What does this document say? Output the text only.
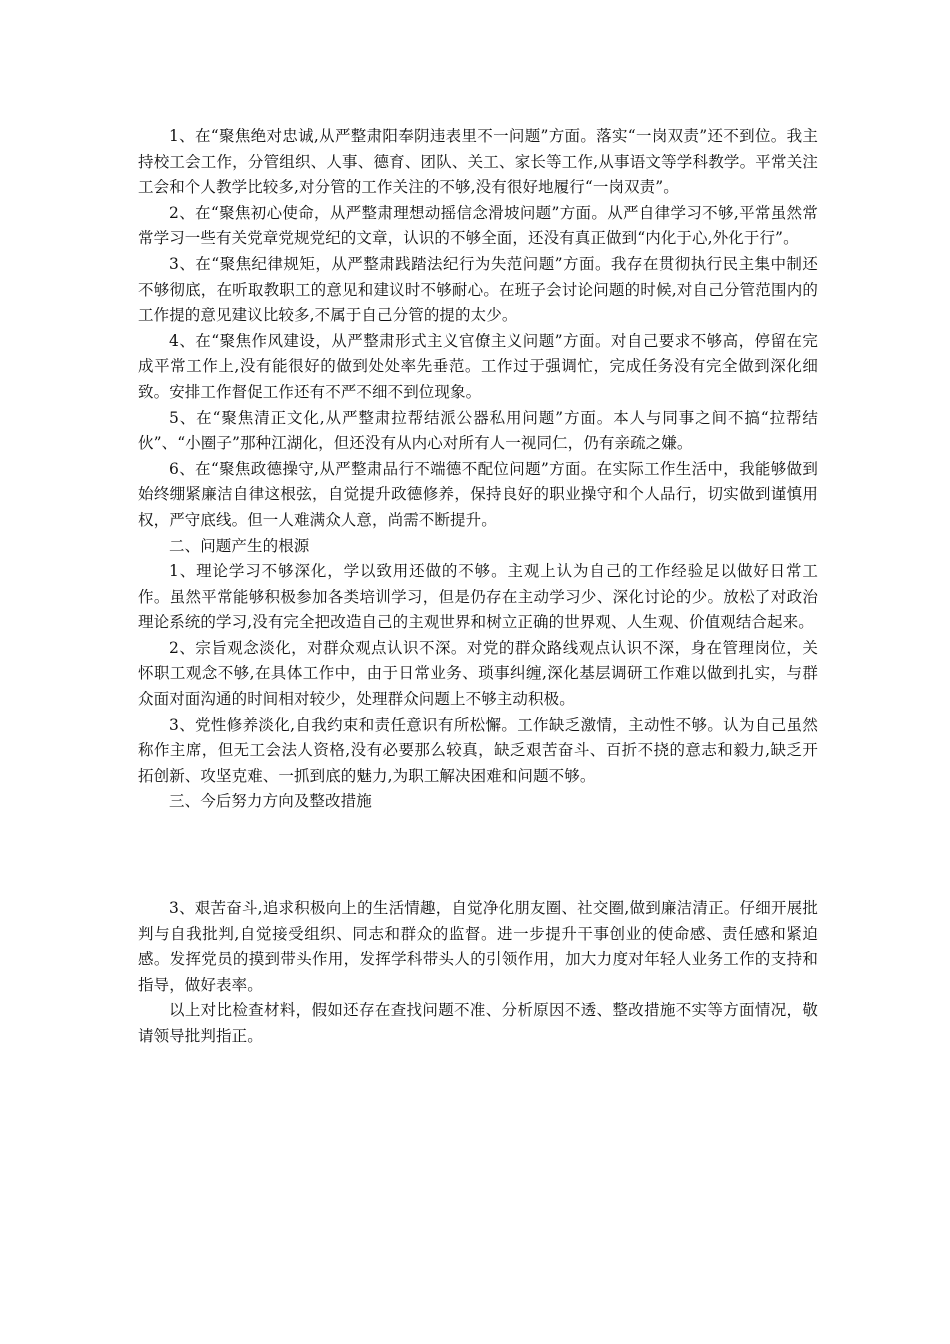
1、在“聚焦绝对忠诚,从严整肃阳奉阴违表里不一问题”方面。落实“一岗双责”还不到位。我主持校工会工作，分管组织、人事、德育、团队、关工、家长等工作,从事语文等学科教学。平常关注工会和个人教学比较多,对分管的工作关注的不够,没有很好地履行“一岗双责”。

2、在“聚焦初心使命，从严整肃理想动摇信念滑坡问题”方面。从严自律学习不够,平常虽然常常学习一些有关党章党规党纪的文章，认识的不够全面，还没有真正做到“内化于心,外化于行”。

3、在“聚焦纪律规矩，从严整肃践踏法纪行为失范问题”方面。我存在贯彻执行民主集中制还不够彻底，在听取教职工的意见和建议时不够耐心。在班子会讨论问题的时候,对自己分管范围内的工作提的意见建议比较多,不属于自己分管的提的太少。

4、在“聚焦作风建设，从严整肃形式主义官僚主义问题”方面。对自己要求不够高，停留在完成平常工作上,没有能很好的做到处处率先垂范。工作过于强调忙，完成任务没有完全做到深化细致。安排工作督促工作还有不严不细不到位现象。

5、在“聚焦清正文化,从严整肃拉帮结派公器私用问题”方面。本人与同事之间不搞“拉帮结伙”、“小圈子”那种江湖化，但还没有从内心对所有人一视同仁，仍有亲疏之嫌。

6、在“聚焦政德操守,从严整肃品行不端德不配位问题”方面。在实际工作生活中，我能够做到始终绷紧廉洁自律这根弦，自觉提升政德修养，保持良好的职业操守和个人品行，切实做到谨慎用权，严守底线。但一人难满众人意，尚需不断提升。

二、问题产生的根源

1、理论学习不够深化，学以致用还做的不够。主观上认为自己的工作经验足以做好日常工作。虽然平常能够积极参加各类培训学习，但是仍存在主动学习少、深化讨论的少。放松了对政治理论系统的学习,没有完全把改造自己的主观世界和树立正确的世界观、人生观、价值观结合起来。

2、宗旨观念淡化，对群众观点认识不深。对党的群众路线观点认识不深，身在管理岗位，关怀职工观念不够,在具体工作中，由于日常业务、琐事纠缠,深化基层调研工作难以做到扎实，与群众面对面沟通的时间相对较少，处理群众问题上不够主动积极。

3、党性修养淡化,自我约束和责任意识有所松懈。工作缺乏激情，主动性不够。认为自己虽然称作主席，但无工会法人资格,没有必要那么较真，缺乏艰苦奋斗、百折不挠的意志和毅力,缺乏开拓创新、攻坚克难、一抓到底的魅力,为职工解决困难和问题不够。

三、今后努力方向及整改措施

3、艰苦奋斗,追求积极向上的生活情趣，自觉净化朋友圈、社交圈,做到廉洁清正。仔细开展批判与自我批判,自觉接受组织、同志和群众的监督。进一步提升干事创业的使命感、责任感和紧迫感。发挥党员的摸到带头作用，发挥学科带头人的引领作用，加大力度对年轻人业务工作的支持和指导，做好表率。

以上对比检查材料，假如还存在查找问题不准、分析原因不透、整改措施不实等方面情况，敬请领导批判指正。
